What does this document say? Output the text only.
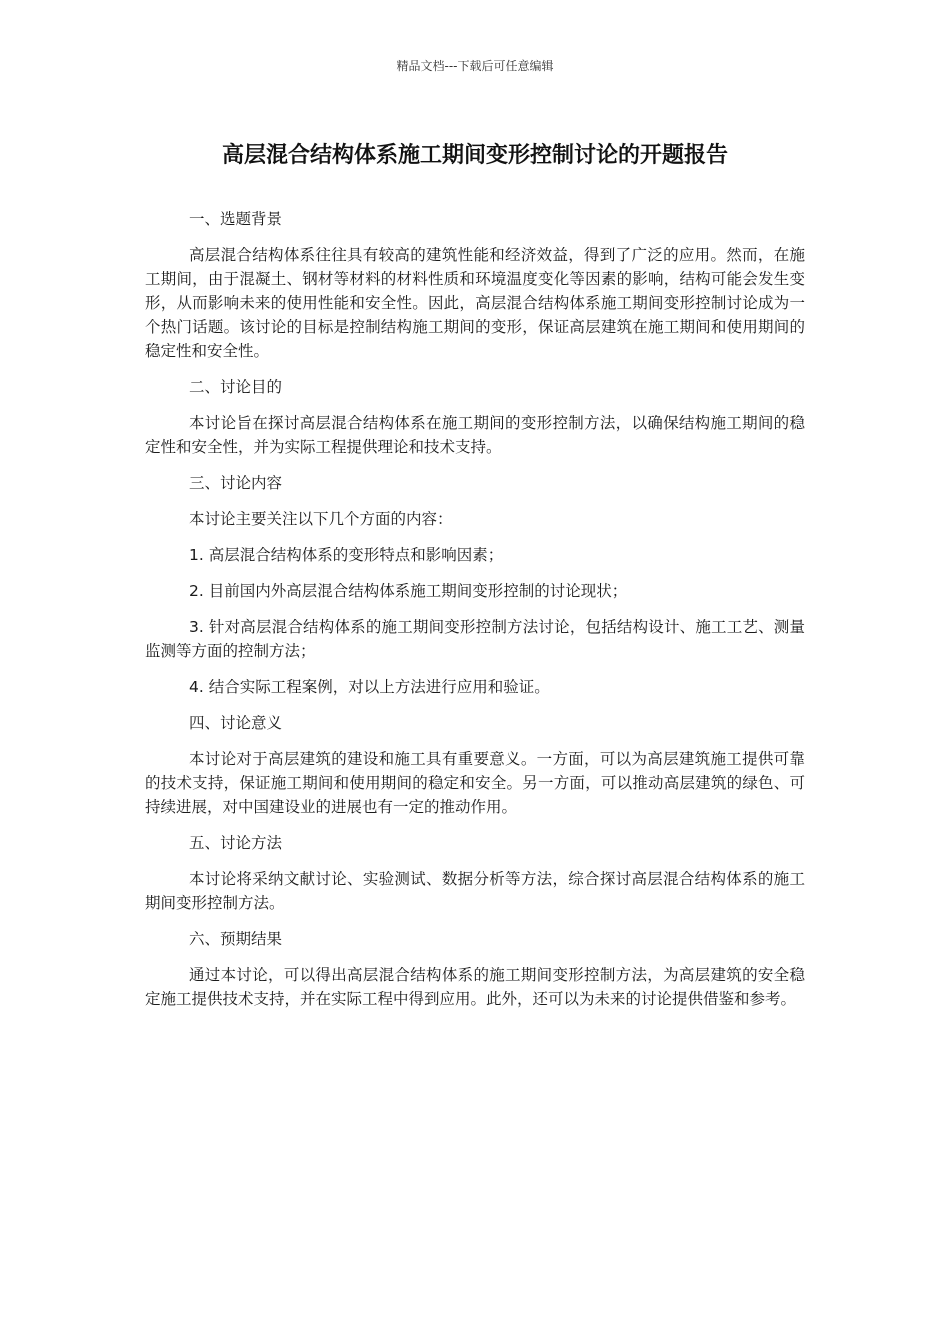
精品文档---下载后可任意编辑
高层混合结构体系施工期间变形控制讨论的开题报告

一、选题背景

高层混合结构体系往往具有较高的建筑性能和经济效益，得到了广泛的应用。然而，在施工期间，由于混凝土、钢材等材料的材料性质和环境温度变化等因素的影响，结构可能会发生变形，从而影响未来的使用性能和安全性。因此，高层混合结构体系施工期间变形控制讨论成为一个热门话题。该讨论的目标是控制结构施工期间的变形，保证高层建筑在施工期间和使用期间的稳定性和安全性。

二、讨论目的

本讨论旨在探讨高层混合结构体系在施工期间的变形控制方法，以确保结构施工期间的稳定性和安全性，并为实际工程提供理论和技术支持。

三、讨论内容

本讨论主要关注以下几个方面的内容：

1. 高层混合结构体系的变形特点和影响因素；

2. 目前国内外高层混合结构体系施工期间变形控制的讨论现状；

3. 针对高层混合结构体系的施工期间变形控制方法讨论，包括结构设计、施工工艺、测量监测等方面的控制方法；

4. 结合实际工程案例，对以上方法进行应用和验证。

四、讨论意义

本讨论对于高层建筑的建设和施工具有重要意义。一方面，可以为高层建筑施工提供可靠的技术支持，保证施工期间和使用期间的稳定和安全。另一方面，可以推动高层建筑的绿色、可持续进展，对中国建设业的进展也有一定的推动作用。

五、讨论方法

本讨论将采纳文献讨论、实验测试、数据分析等方法，综合探讨高层混合结构体系的施工期间变形控制方法。

六、预期结果

通过本讨论，可以得出高层混合结构体系的施工期间变形控制方法，为高层建筑的安全稳定施工提供技术支持，并在实际工程中得到应用。此外，还可以为未来的讨论提供借鉴和参考。
